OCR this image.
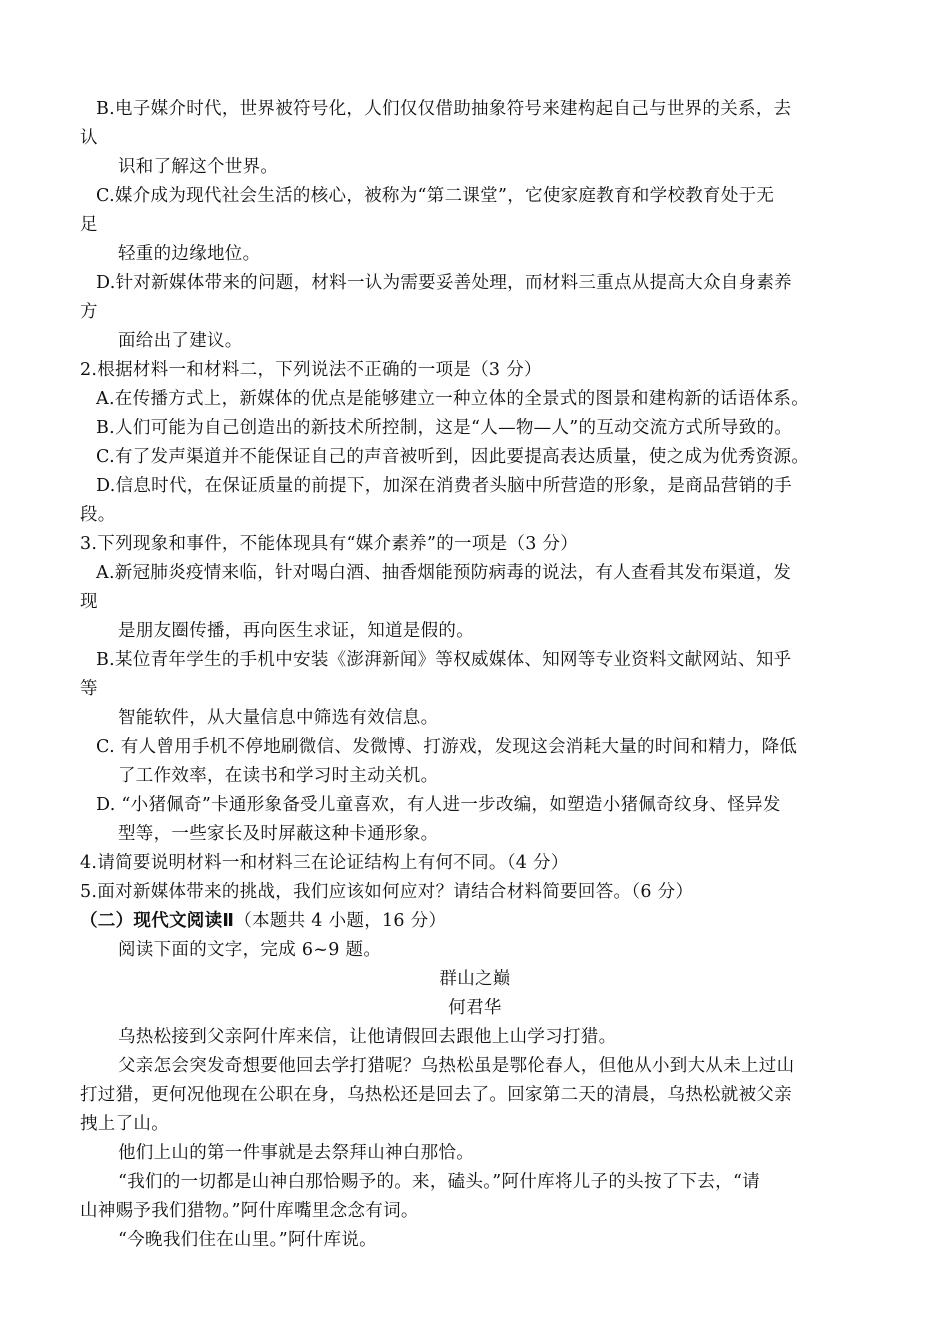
B.电子媒介时代，世界被符号化，人们仅仅借助抽象符号来建构起自己与世界的关系，去
认
识和了解这个世界。
C.媒介成为现代社会生活的核心，被称为“第二课堂”，它使家庭教育和学校教育处于无
足
轻重的边缘地位。
D.针对新媒体带来的问题，材料一认为需要妥善处理，而材料三重点从提高大众自身素养
方
面给出了建议。
2.根据材料一和材料二，下列说法不正确的一项是（3 分）
A.在传播方式上，新媒体的优点是能够建立一种立体的全景式的图景和建构新的话语体系。
B.人们可能为自己创造出的新技术所控制，这是“人—物—人”的互动交流方式所导致的。
C.有了发声渠道并不能保证自己的声音被听到，因此要提高表达质量，使之成为优秀资源。
D.信息时代，在保证质量的前提下，加深在消费者头脑中所营造的形象，是商品营销的手
段。
3.下列现象和事件，不能体现具有“媒介素养”的一项是（3 分）
A.新冠肺炎疫情来临，针对喝白酒、抽香烟能预防病毒的说法，有人查看其发布渠道，发
现
是朋友圈传播，再向医生求证，知道是假的。
B.某位青年学生的手机中安装《澎湃新闻》等权威媒体、知网等专业资料文献网站、知乎
等
智能软件，从大量信息中筛选有效信息。
C. 有人曾用手机不停地刷微信、发微博、打游戏，发现这会消耗大量的时间和精力，降低
了工作效率，在读书和学习时主动关机。
D. “小猪佩奇”卡通形象备受儿童喜欢，有人进一步改编，如塑造小猪佩奇纹身、怪异发
型等，一些家长及时屏蔽这种卡通形象。
4.请简要说明材料一和材料三在论证结构上有何不同。（4 分）
5.面对新媒体带来的挑战，我们应该如何应对？请结合材料简要回答。（6 分）
（二）现代文阅读Ⅱ（本题共 4 小题，16 分）
阅读下面的文字，完成 6~9 题。
群山之巅
何君华
乌热松接到父亲阿什库来信，让他请假回去跟他上山学习打猎。
父亲怎会突发奇想要他回去学打猎呢？乌热松虽是鄂伦春人，但他从小到大从未上过山
打过猎，更何况他现在公职在身，乌热松还是回去了。回家第二天的清晨，乌热松就被父亲
拽上了山。
他们上山的第一件事就是去祭拜山神白那恰。
“我们的一切都是山神白那恰赐予的。来，磕头。”阿什库将儿子的头按了下去，“请
山神赐予我们猎物。”阿什库嘴里念念有词。
“今晚我们住在山里。”阿什库说。
